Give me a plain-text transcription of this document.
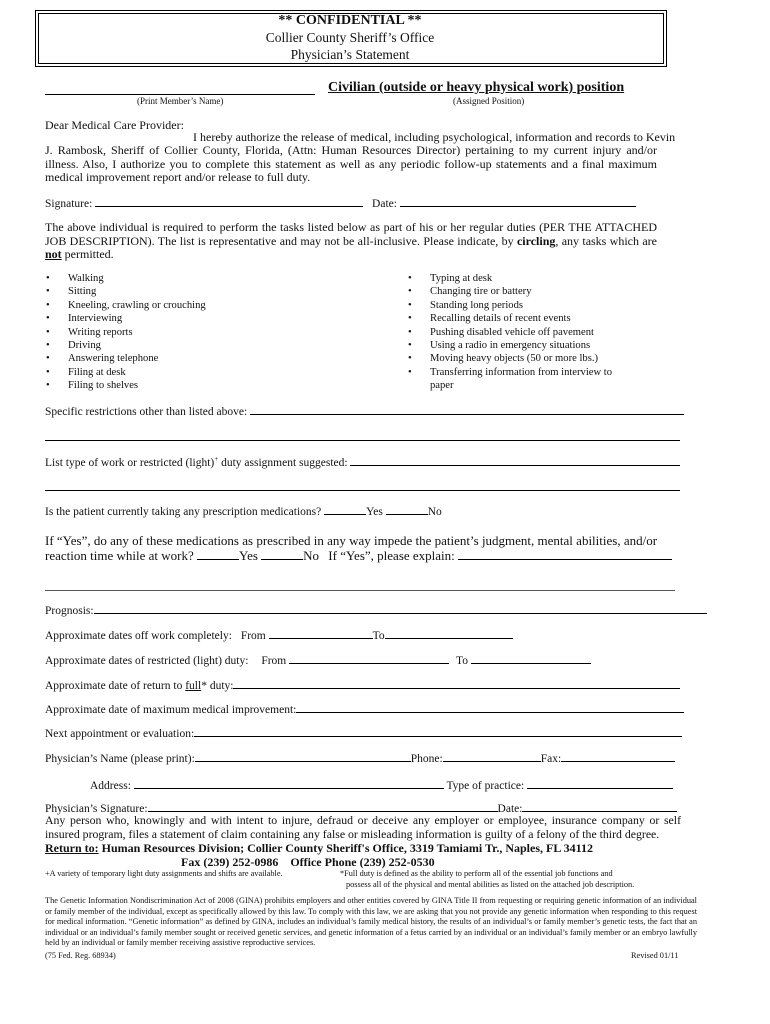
** CONFIDENTIAL **
Collier County Sheriff’s Office
Physician’s Statement
Civilian (outside or heavy physical work) position
(Print Member’s Name)	(Assigned Position)
Dear Medical Care Provider:
I hereby authorize the release of medical, including psychological, information and records to Kevin
J. Rambosk, Sheriff of Collier County, Florida, (Attn: Human Resources Director) pertaining to my current injury and/or illness. Also, I authorize you to complete this statement as well as any periodic follow-up statements and a final maximum medical improvement report and/or release to full duty.
Signature:	Date:
The above individual is required to perform the tasks listed below as part of his or her regular duties (PER THE ATTACHED JOB DESCRIPTION). The list is representative and may not be all-inclusive. Please indicate, by circling, any tasks which are not permitted.
• Walking
• Sitting
• Kneeling, crawling or crouching
• Interviewing
• Writing reports
• Driving
• Answering telephone
• Filing at desk
• Filing to shelves
• Typing at desk
• Changing tire or battery
• Standing long periods
• Recalling details of recent events
• Pushing disabled vehicle off pavement
• Using a radio in emergency situations
• Moving heavy objects (50 or more lbs.)
• Transferring information from interview to paper
Specific restrictions other than listed above:
List type of work or restricted (light)+ duty assignment suggested:
Is the patient currently taking any prescription medications?	Yes	No
If “Yes”, do any of these medications as prescribed in any way impede the patient’s judgment, mental abilities, and/or
reaction time while at work?	Yes	No If “Yes”, please explain:
Prognosis:
Approximate dates off work completely: From	To
Approximate dates of restricted (light) duty: From	To
Approximate date of return to full* duty:
Approximate date of maximum medical improvement:
Next appointment or evaluation:
Physician’s Name (please print):	Phone:	Fax:
Address:	Type of practice:
Physician’s Signature:	Date:
Any person who, knowingly and with intent to injure, defraud or deceive any employer or employee, insurance company or self insured program, files a statement of claim containing any false or misleading information is guilty of a felony of the third degree.
Return to: Human Resources Division; Collier County Sheriff's Office, 3319 Tamiami Tr., Naples, FL 34112
Fax (239) 252-0986    Office Phone (239) 252-0530
+A variety of temporary light duty assignments and shifts are available.	*Full duty is defined as the ability to perform all of the essential job functions and
possess all of the physical and mental abilities as listed on the attached job description.
The Genetic Information Nondiscrimination Act of 2008 (GINA) prohibits employers and other entities covered by GINA Title II from requesting or requiring genetic information of an individual or family member of the individual, except as specifically allowed by this law. To comply with this law, we are asking that you not provide any genetic information when responding to this request for medical information. “Genetic information” as defined by GINA, includes an individual’s family medical history, the results of an individual’s or family member’s genetic tests, the fact that an individual or an individual’s family member sought or received genetic services, and genetic information of a fetus carried by an individual or an individual’s family member or an embryo lawfully held by an individual or family member receiving assistive reproductive services.
(75 Fed. Reg. 68934)	Revised 01/11
